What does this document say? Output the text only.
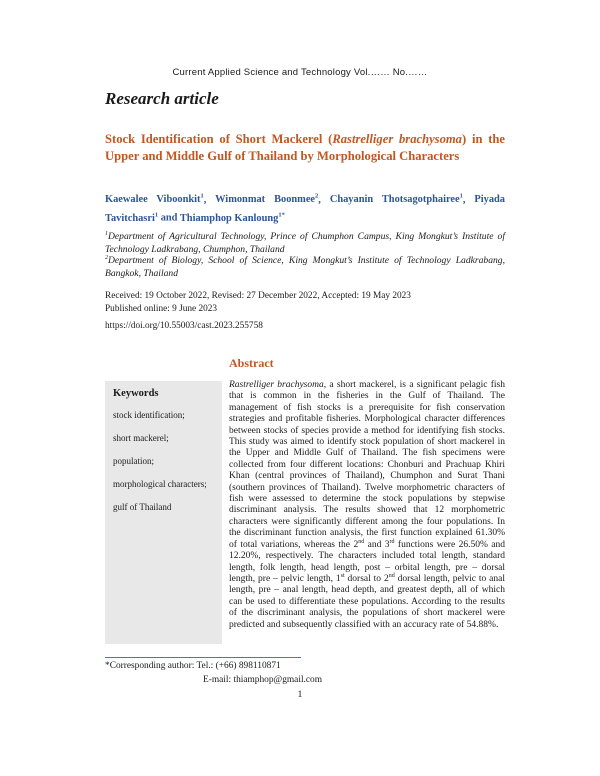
Current Applied Science and Technology Vol.…… No.……
Research article
Stock Identification of Short Mackerel (Rastrelliger brachysoma) in the Upper and Middle Gulf of Thailand by Morphological Characters
Kaewalee Viboonkit$^1$, Wimonmat Boonmee$^2$, Chayanin Thotsagotphairee$^1$, Piyada Tavitchasri$^1$ and Thiamphop Kanloung$^{1*}$
$^1$Department of Agricultural Technology, Prince of Chumphon Campus, King Mongkut’s Institute of Technology Ladkrabang, Chumphon, Thailand
$^2$Department of Biology, School of Science, King Mongkut’s Institute of Technology Ladkrabang, Bangkok, Thailand
Received: 19 October 2022, Revised: 27 December 2022, Accepted: 19 May 2023
Published online: 9 June 2023
https://doi.org/10.55003/cast.2023.255758
Abstract
Keywords
stock identification;
short mackerel;
population;
morphological characters;
gulf of Thailand
Rastrelliger brachysoma, a short mackerel, is a significant pelagic fish that is common in the fisheries in the Gulf of Thailand. The management of fish stocks is a prerequisite for fish conservation strategies and profitable fisheries. Morphological character differences between stocks of species provide a method for identifying fish stocks. This study was aimed to identify stock population of short mackerel in the Upper and Middle Gulf of Thailand. The fish specimens were collected from four different locations: Chonburi and Prachuap Khiri Khan (central provinces of Thailand), Chumphon and Surat Thani (southern provinces of Thailand). Twelve morphometric characters of fish were assessed to determine the stock populations by stepwise discriminant analysis. The results showed that 12 morphometric characters were significantly different among the four populations. In the discriminant function analysis, the first function explained 61.30% of total variations, whereas the 2nd and 3rd functions were 26.50% and 12.20%, respectively. The characters included total length, standard length, folk length, head length, post – orbital length, pre – dorsal length, pre – pelvic length, 1st dorsal to 2nd dorsal length, pelvic to anal length, pre – anal length, head depth, and greatest depth, all of which can be used to differentiate these populations. According to the results of the discriminant analysis, the populations of short mackerel were predicted and subsequently classified with an accuracy rate of 54.88%.
*Corresponding author: Tel.: (+66) 898110871
E-mail: thiamphop@gmail.com
1
